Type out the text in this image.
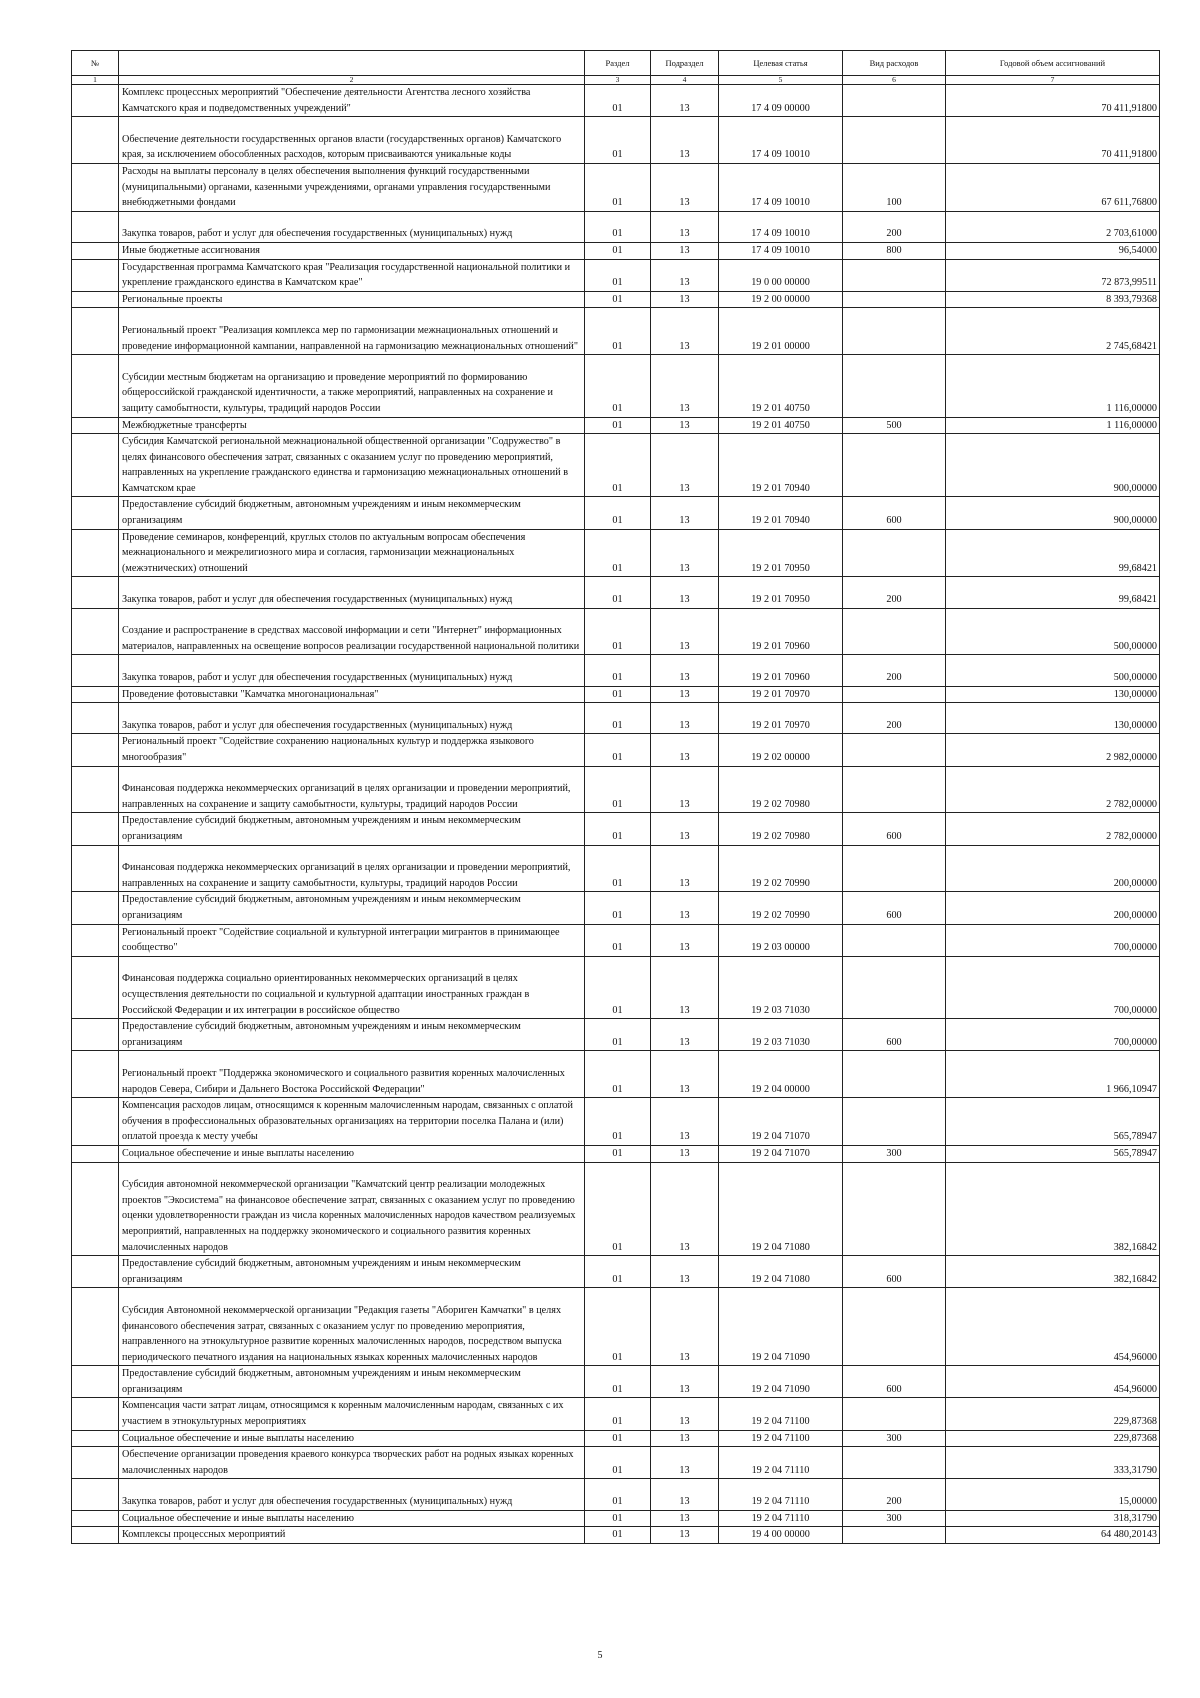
№		Раздел	Подраздел	Целевая статья	Вид расходов	Годовой объем ассигнований
1	2	3	4	5	6	7
	Комплекс процессных мероприятий "Обеспечение деятельности Агентства лесного хозяйства Камчатского края и подведомственных учреждений"	01	13	17 4 09 00000		70 411,91800
	Обеспечение деятельности государственных органов власти (государственных органов) Камчатского края, за исключением обособленных расходов, которым присваиваются уникальные коды	01	13	17 4 09 10010		70 411,91800
	Расходы на выплаты персоналу в целях обеспечения выполнения функций государственными (муниципальными) органами, казенными учреждениями, органами управления государственными внебюджетными фондами	01	13	17 4 09 10010	100	67 611,76800
	Закупка товаров, работ и услуг для обеспечения государственных (муниципальных) нужд	01	13	17 4 09 10010	200	2 703,61000
	Иные бюджетные ассигнования	01	13	17 4 09 10010	800	96,54000
	Государственная программа Камчатского края "Реализация государственной национальной политики и укрепление гражданского единства в Камчатском крае"	01	13	19 0 00 00000		72 873,99511
	Региональные проекты	01	13	19 2 00 00000		8 393,79368
	Региональный проект "Реализация комплекса мер по гармонизации межнациональных отношений и проведение информационной кампании, направленной на гармонизацию межнациональных отношений"	01	13	19 2 01 00000		2 745,68421
	Субсидии местным бюджетам на организацию и проведение мероприятий по формированию общероссийской гражданской идентичности, а также мероприятий, направленных на сохранение и защиту самобытности, культуры, традиций народов России	01	13	19 2 01 40750		1 116,00000
	Межбюджетные трансферты	01	13	19 2 01 40750	500	1 116,00000
	Субсидия Камчатской региональной межнациональной общественной организации "Содружество" в целях финансового обеспечения затрат, связанных с оказанием услуг по проведению мероприятий, направленных на укрепление гражданского единства и гармонизацию межнациональных отношений в Камчатском крае	01	13	19 2 01 70940		900,00000
	Предоставление субсидий бюджетным, автономным учреждениям и иным некоммерческим организациям	01	13	19 2 01 70940	600	900,00000
	Проведение семинаров, конференций, круглых столов по актуальным вопросам обеспечения межнационального и межрелигиозного мира и согласия, гармонизации межнациональных (межэтнических) отношений	01	13	19 2 01 70950		99,68421
	Закупка товаров, работ и услуг для обеспечения государственных (муниципальных) нужд	01	13	19 2 01 70950	200	99,68421
	Создание и распространение в средствах массовой информации и сети "Интернет" информационных материалов, направленных на освещение вопросов реализации государственной национальной политики	01	13	19 2 01 70960		500,00000
	Закупка товаров, работ и услуг для обеспечения государственных (муниципальных) нужд	01	13	19 2 01 70960	200	500,00000
	Проведение фотовыставки "Камчатка многонациональная"	01	13	19 2 01 70970		130,00000
	Закупка товаров, работ и услуг для обеспечения государственных (муниципальных) нужд	01	13	19 2 01 70970	200	130,00000
	Региональный проект "Содействие сохранению национальных культур и поддержка языкового многообразия"	01	13	19 2 02 00000		2 982,00000
	Финансовая поддержка некоммерческих организаций в целях организации и проведении мероприятий, направленных на сохранение и защиту самобытности, культуры, традиций народов России	01	13	19 2 02 70980		2 782,00000
	Предоставление субсидий бюджетным, автономным учреждениям и иным некоммерческим организациям	01	13	19 2 02 70980	600	2 782,00000
	Финансовая поддержка некоммерческих организаций в целях организации и проведении мероприятий, направленных на сохранение и защиту самобытности, культуры, традиций народов России	01	13	19 2 02 70990		200,00000
	Предоставление субсидий бюджетным, автономным учреждениям и иным некоммерческим организациям	01	13	19 2 02 70990	600	200,00000
	Региональный проект "Содействие социальной и культурной интеграции мигрантов в принимающее сообщество"	01	13	19 2 03 00000		700,00000
	Финансовая поддержка социально ориентированных некоммерческих организаций в целях осуществления деятельности по социальной и культурной адаптации иностранных граждан в Российской Федерации и их интеграции в российское общество	01	13	19 2 03 71030		700,00000
	Предоставление субсидий бюджетным, автономным учреждениям и иным некоммерческим организациям	01	13	19 2 03 71030	600	700,00000
	Региональный проект "Поддержка экономического и социального развития коренных малочисленных народов Севера, Сибири и Дальнего Востока Российской Федерации"	01	13	19 2 04 00000		1 966,10947
	Компенсация расходов лицам, относящимся к коренным малочисленным народам, связанных с оплатой обучения в профессиональных образовательных организациях на территории поселка Палана и (или) оплатой проезда к месту учебы	01	13	19 2 04 71070		565,78947
	Социальное обеспечение и иные выплаты населению	01	13	19 2 04 71070	300	565,78947
	Субсидия автономной некоммерческой организации "Камчатский центр реализации молодежных проектов "Экосистема" на финансовое обеспечение затрат, связанных с оказанием услуг по проведению оценки удовлетворенности граждан из числа коренных малочисленных народов качеством реализуемых мероприятий, направленных на поддержку экономического и социального развития коренных малочисленных народов	01	13	19 2 04 71080		382,16842
	Предоставление субсидий бюджетным, автономным учреждениям и иным некоммерческим организациям	01	13	19 2 04 71080	600	382,16842
	Субсидия Автономной некоммерческой организации "Редакция газеты "Абориген Камчатки" в целях финансового обеспечения затрат, связанных с оказанием услуг по проведению мероприятия, направленного на этнокультурное развитие коренных малочисленных народов, посредством выпуска периодического печатного издания на национальных языках коренных малочисленных народов	01	13	19 2 04 71090		454,96000
	Предоставление субсидий бюджетным, автономным учреждениям и иным некоммерческим организациям	01	13	19 2 04 71090	600	454,96000
	Компенсация части затрат лицам, относящимся к коренным малочисленным народам, связанных с их участием в этнокультурных мероприятиях	01	13	19 2 04 71100		229,87368
	Социальное обеспечение и иные выплаты населению	01	13	19 2 04 71100	300	229,87368
	Обеспечение организации проведения краевого конкурса творческих работ на родных языках коренных малочисленных народов	01	13	19 2 04 71110		333,31790
	Закупка товаров, работ и услуг для обеспечения государственных (муниципальных) нужд	01	13	19 2 04 71110	200	15,00000
	Социальное обеспечение и иные выплаты населению	01	13	19 2 04 71110	300	318,31790
	Комплексы процессных мероприятий	01	13	19 4 00 00000		64 480,20143
5
